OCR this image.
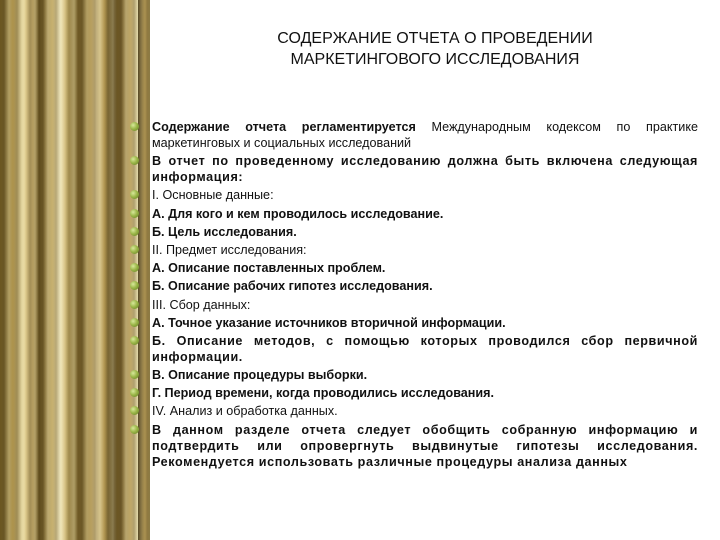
СОДЕРЖАНИЕ ОТЧЕТА О ПРОВЕДЕНИИ
МАРКЕТИНГОВОГО ИССЛЕДОВАНИЯ
Содержание отчета регламентируется Международным кодексом по практике маркетинговых и социальных исследований
В отчет по проведенному исследованию должна быть включена следующая информация:
I. Основные данные:
А. Для кого и кем проводилось исследование.
Б. Цель исследования.
II. Предмет исследования:
А. Описание поставленных проблем.
Б. Описание рабочих гипотез исследования.
III. Сбор данных:
А. Точное указание источников вторичной информации.
Б. Описание методов, с помощью которых проводился сбор первичной информации.
В. Описание процедуры выборки.
Г. Период времени, когда проводились исследования.
IV. Анализ и обработка данных.
В данном разделе отчета следует обобщить собранную информацию и подтвердить или опровергнуть выдвинутые гипотезы исследования. Рекомендуется использовать различные процедуры анализа данных
